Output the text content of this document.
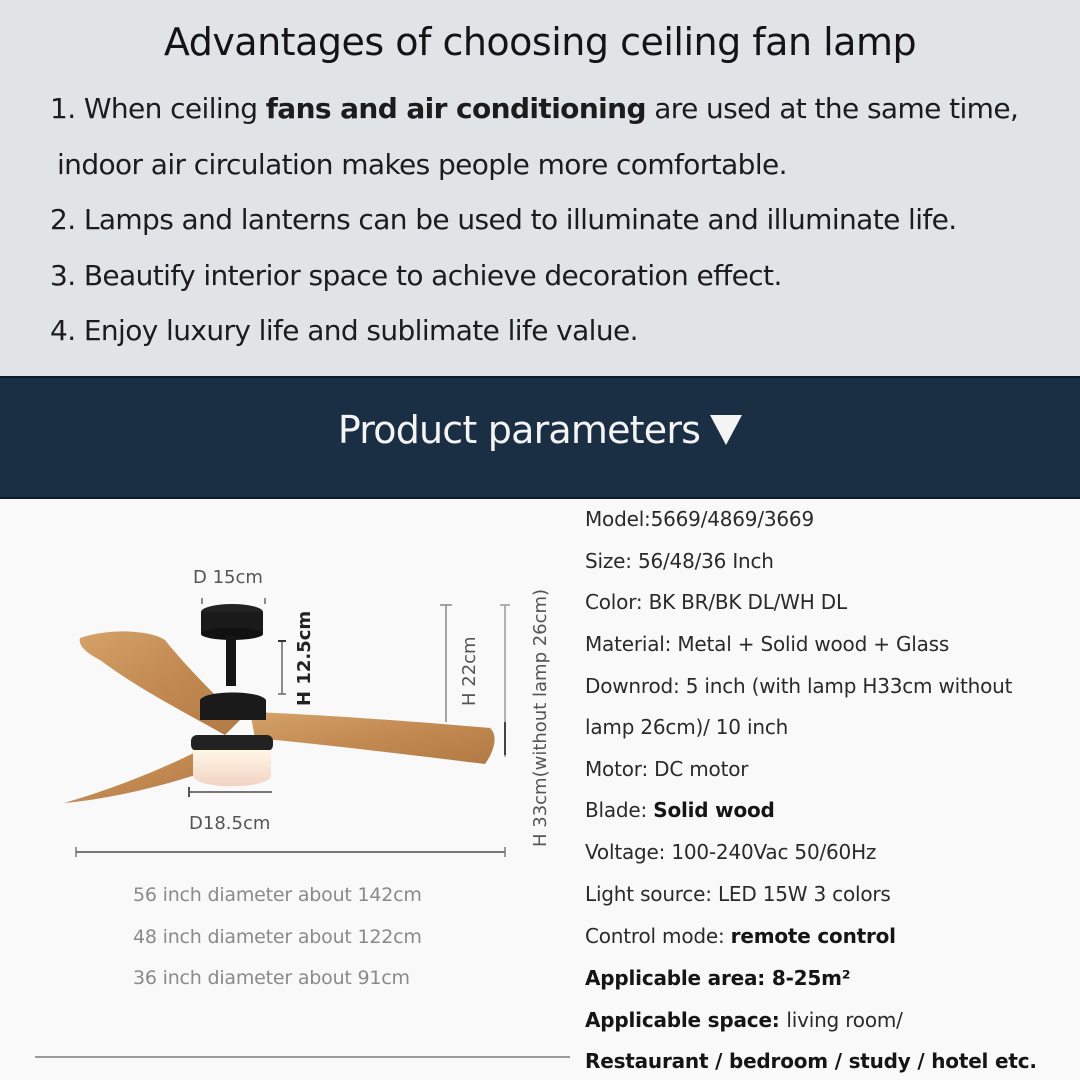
Advantages of choosing ceiling fan lamp
1. When ceiling fans and air conditioning are used at the same time,
indoor air circulation makes people more comfortable.
2. Lamps and lanterns can be used to illuminate and illuminate life.
3. Beautify interior space to achieve decoration effect.
4. Enjoy luxury life and sublimate life value.
Product parameters
D 15cm
H 12.5cm	H 22cm	H 33cm(without lamp 26cm)
D18.5cm
56 inch diameter about 142cm
48 inch diameter about 122cm
36 inch diameter about 91cm
Model:5669/4869/3669
Size: 56/48/36 Inch
Color: BK BR/BK DL/WH DL
Material: Metal + Solid wood + Glass
Downrod: 5 inch (with lamp H33cm without
lamp 26cm)/ 10 inch
Motor: DC motor
Blade: Solid wood
Voltage: 100-240Vac 50/60Hz
Light source: LED 15W 3 colors
Control mode: remote control
Applicable area: 8-25m²
Applicable space: living room/
Restaurant / bedroom / study / hotel etc.
